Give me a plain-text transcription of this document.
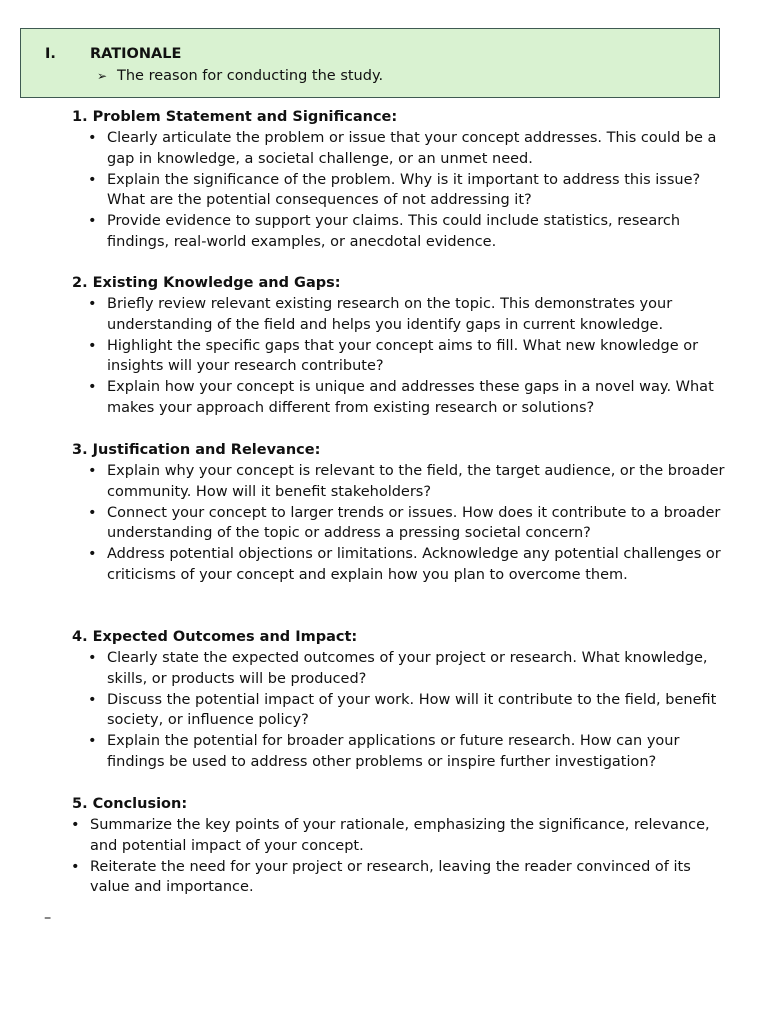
I. RATIONALE
➢ The reason for conducting the study.
1. Problem Statement and Significance:
• Clearly articulate the problem or issue that your concept addresses. This could be a gap in knowledge, a societal challenge, or an unmet need.
• Explain the significance of the problem. Why is it important to address this issue? What are the potential consequences of not addressing it?
• Provide evidence to support your claims. This could include statistics, research findings, real-world examples, or anecdotal evidence.
2. Existing Knowledge and Gaps:
• Briefly review relevant existing research on the topic. This demonstrates your understanding of the field and helps you identify gaps in current knowledge.
• Highlight the specific gaps that your concept aims to fill. What new knowledge or insights will your research contribute?
• Explain how your concept is unique and addresses these gaps in a novel way. What makes your approach different from existing research or solutions?
3. Justification and Relevance:
• Explain why your concept is relevant to the field, the target audience, or the broader community. How will it benefit stakeholders?
• Connect your concept to larger trends or issues. How does it contribute to a broader understanding of the topic or address a pressing societal concern?
• Address potential objections or limitations. Acknowledge any potential challenges or criticisms of your concept and explain how you plan to overcome them.
4. Expected Outcomes and Impact:
• Clearly state the expected outcomes of your project or research. What knowledge, skills, or products will be produced?
• Discuss the potential impact of your work. How will it contribute to the field, benefit society, or influence policy?
• Explain the potential for broader applications or future research. How can your findings be used to address other problems or inspire further investigation?
5. Conclusion:
• Summarize the key points of your rationale, emphasizing the significance, relevance, and potential impact of your concept.
• Reiterate the need for your project or research, leaving the reader convinced of its value and importance.
–
